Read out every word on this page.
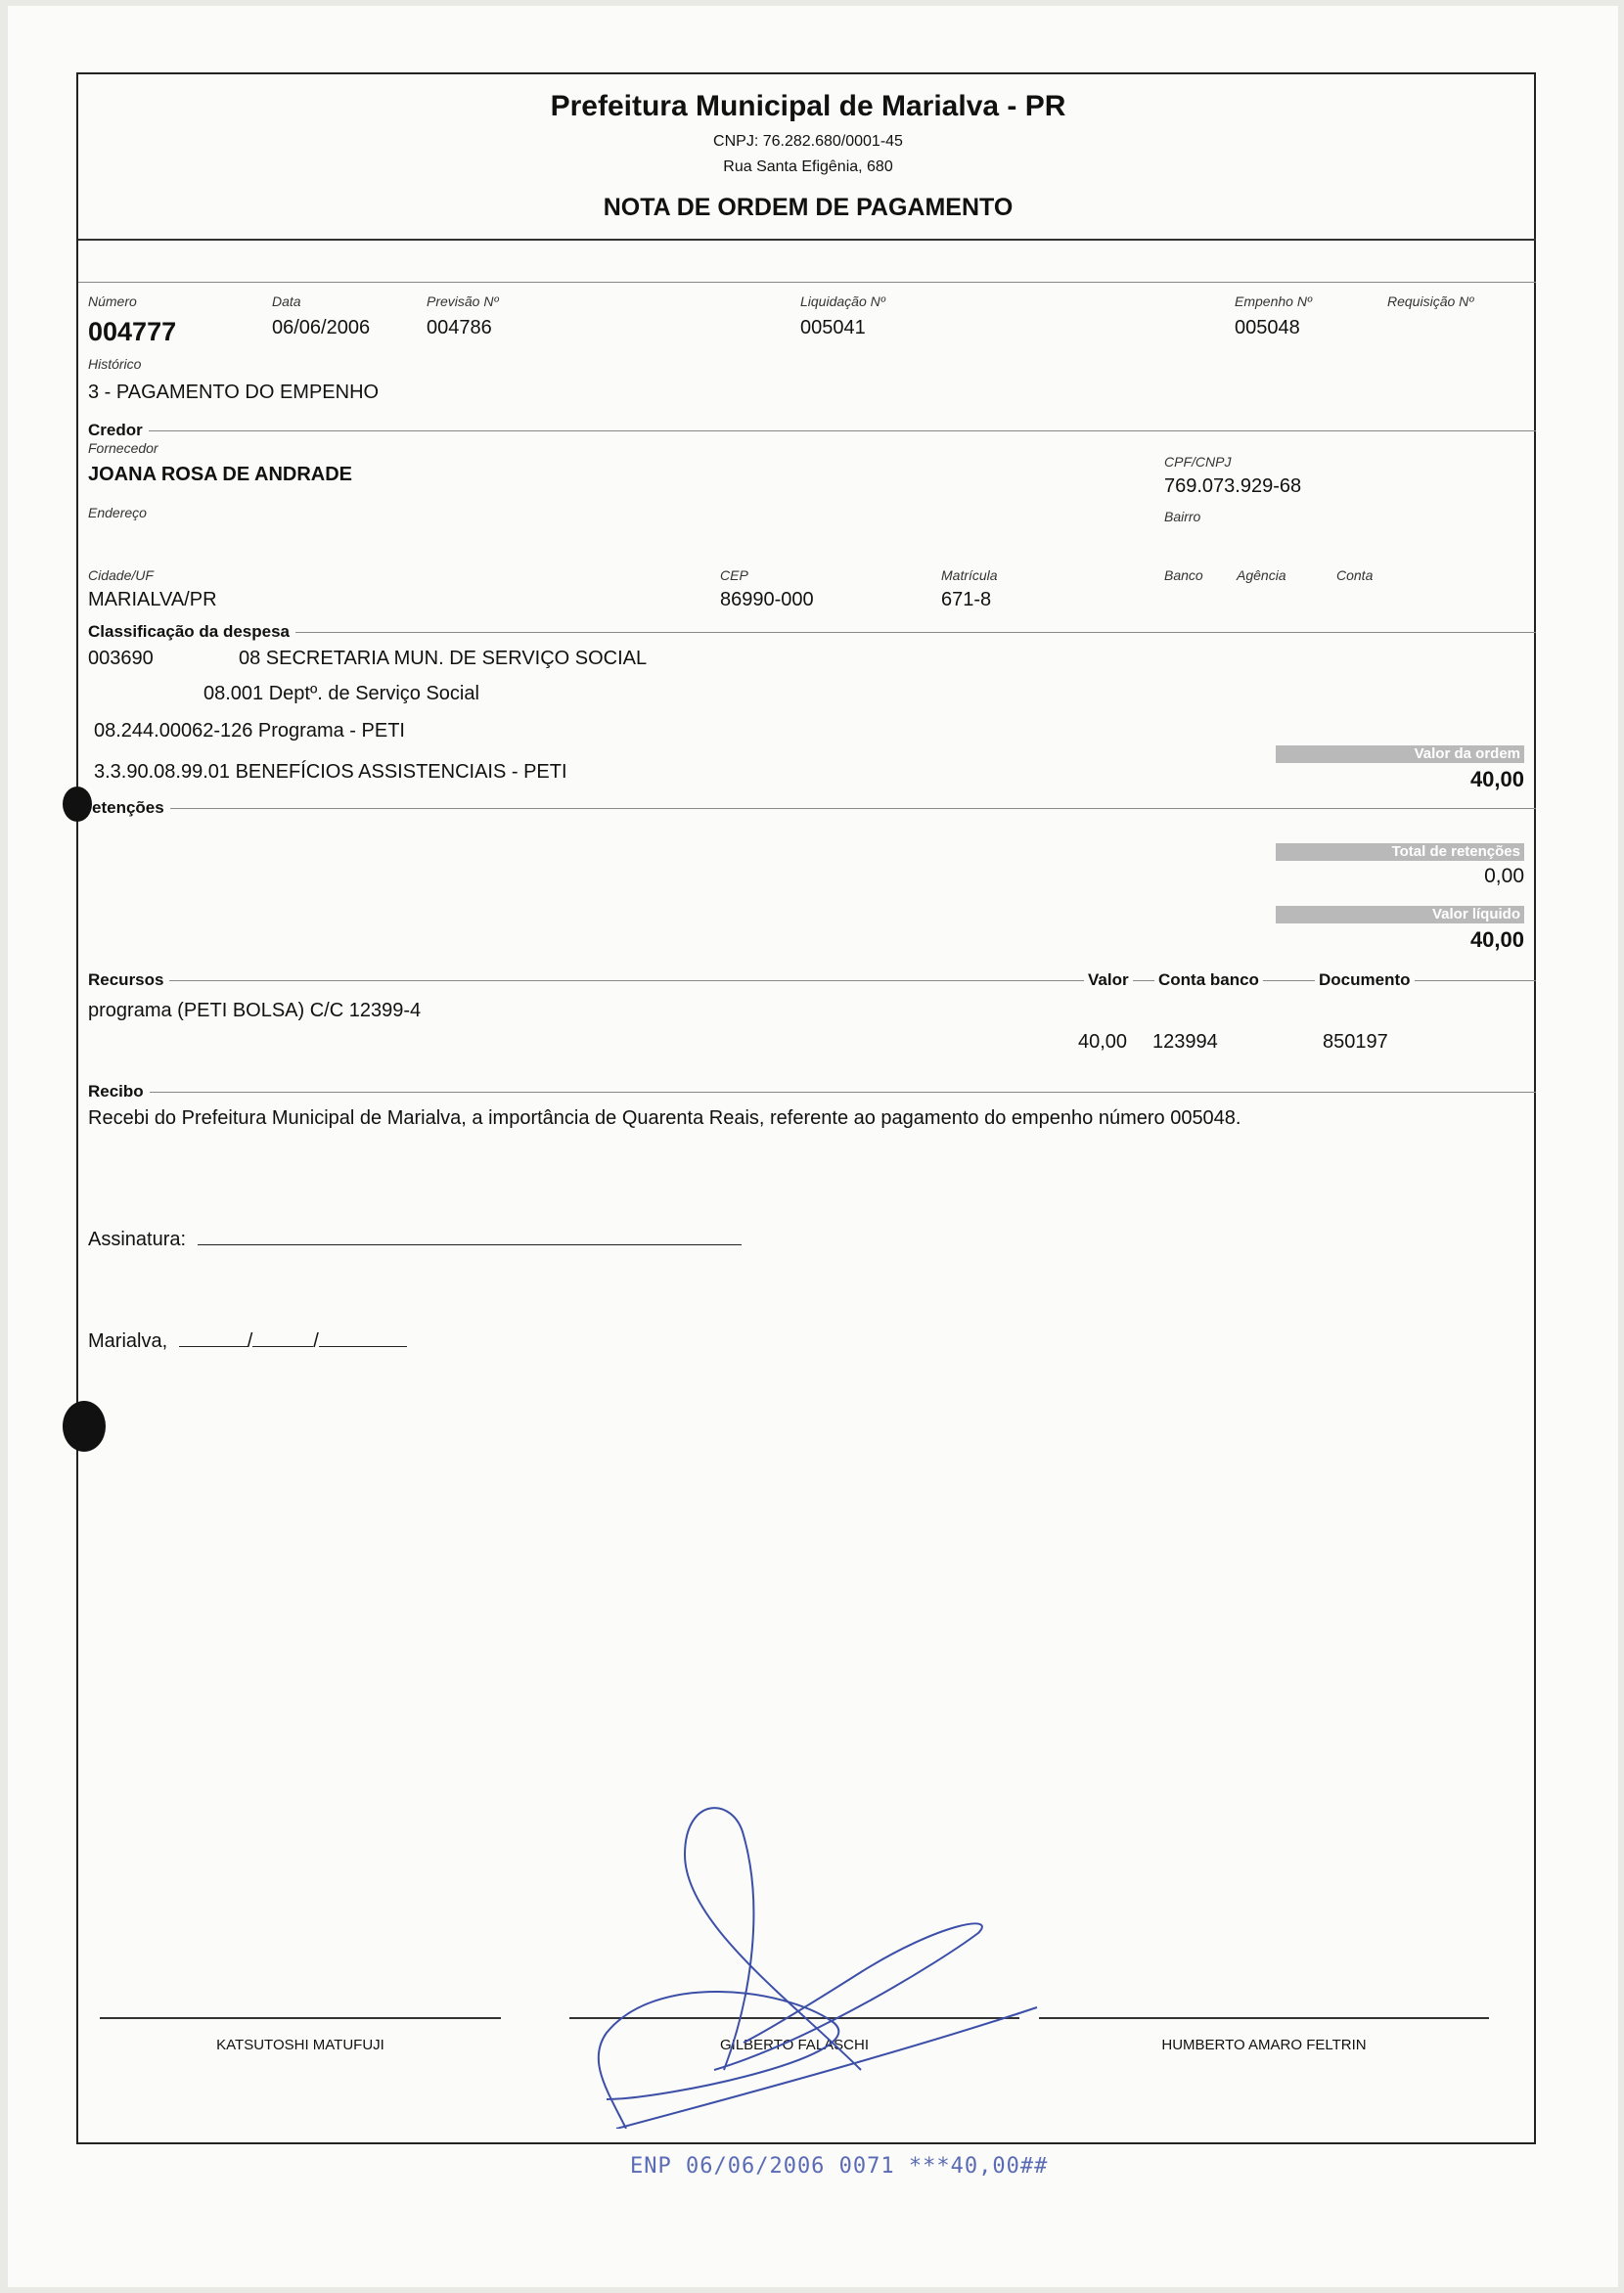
Prefeitura Municipal de Marialva - PR
CNPJ: 76.282.680/0001-45
Rua Santa Efigênia, 680
NOTA DE ORDEM DE PAGAMENTO
Número
004777
Data
06/06/2006
Previsão Nº
004786
Liquidação Nº
005041
Empenho Nº
005048
Requisição Nº
Histórico
3 - PAGAMENTO DO EMPENHO
Credor
Fornecedor
JOANA ROSA DE ANDRADE
CPF/CNPJ
769.073.929-68
Endereço	Bairro
Cidade/UF
MARIALVA/PR
CEP
86990-000
Matrícula
671-8
Banco Agência	Conta
Classificação da despesa
003690	08 SECRETARIA MUN. DE SERVIÇO SOCIAL
08.001 Deptº. de Serviço Social
08.244.00062-126 Programa - PETI
3.3.90.08.99.01 BENEFÍCIOS ASSISTENCIAIS - PETI
Valor da ordem
40,00
etenções
Total de retenções
0,00
Valor líquido
40,00
Recursos	Valor Conta banco	Documento
programa (PETI BOLSA) C/C 12399-4
40,00 123994	850197
Recibo
Recebi do Prefeitura Municipal de Marialva, a importância de Quarenta Reais, referente ao pagamento do empenho número 005048.
Assinatura:
Marialva,	/	/
KATSUTOSHI MATUFUJI	GILBERTO FALASCHI	HUMBERTO AMARO FELTRIN
ENP 06/06/2006 0071 ***40,00##
